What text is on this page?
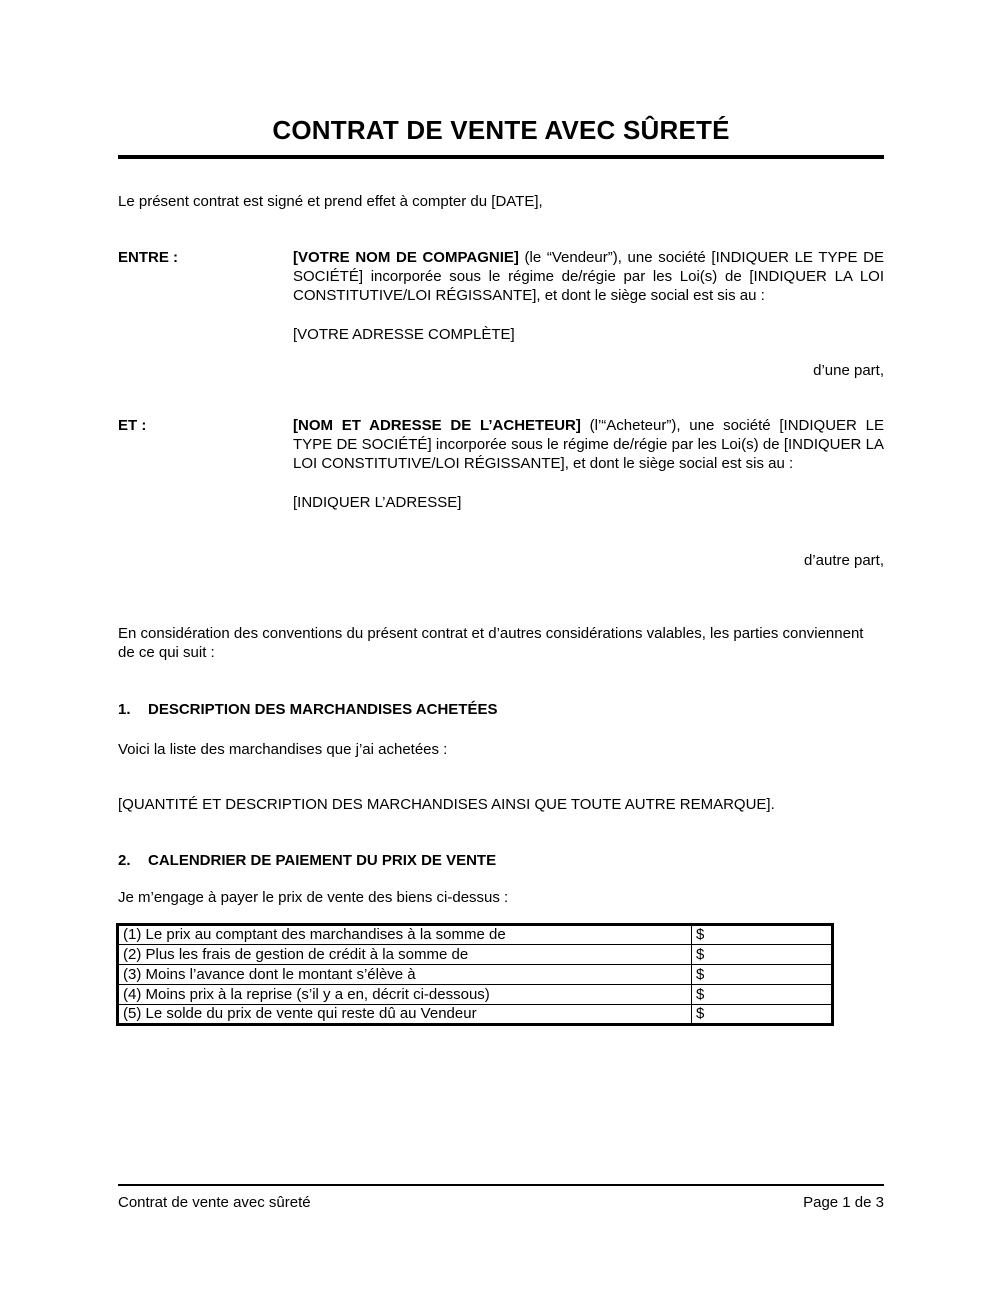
CONTRAT DE VENTE AVEC SÛRETÉ

Le présent contrat est signé et prend effet à compter du [DATE],

ENTRE :	[VOTRE NOM DE COMPAGNIE] (le “Vendeur”), une société [INDIQUER LE TYPE DE SOCIÉTÉ] incorporée sous le régime de/régie par les Loi(s) de [INDIQUER LA LOI CONSTITUTIVE/LOI RÉGISSANTE], et dont le siège social est sis au :

[VOTRE ADRESSE COMPLÈTE]

d’une part,

ET :	[NOM ET ADRESSE DE L’ACHETEUR] (l’“Acheteur”), une société [INDIQUER LE TYPE DE SOCIÉTÉ] incorporée sous le régime de/régie par les Loi(s) de [INDIQUER LA LOI CONSTITUTIVE/LOI RÉGISSANTE], et dont le siège social est sis au :

[INDIQUER L’ADRESSE]

d’autre part,

En considération des conventions du présent contrat et d’autres considérations valables, les parties conviennent de ce qui suit :

1.	DESCRIPTION DES MARCHANDISES ACHETÉES

Voici la liste des marchandises que j’ai achetées :

[QUANTITÉ ET DESCRIPTION DES MARCHANDISES AINSI QUE TOUTE AUTRE REMARQUE].

2.	CALENDRIER DE PAIEMENT DU PRIX DE VENTE

Je m’engage à payer le prix de vente des biens ci-dessus :

(1) Le prix au comptant des marchandises à la somme de	$
(2) Plus les frais de gestion de crédit à la somme de	$
(3) Moins l’avance dont le montant s’élève à	$
(4) Moins prix à la reprise (s’il y a en, décrit ci-dessous)	$
(5) Le solde du prix de vente qui reste dû au Vendeur	$
Contrat de vente avec sûreté	Page 1 de 3
